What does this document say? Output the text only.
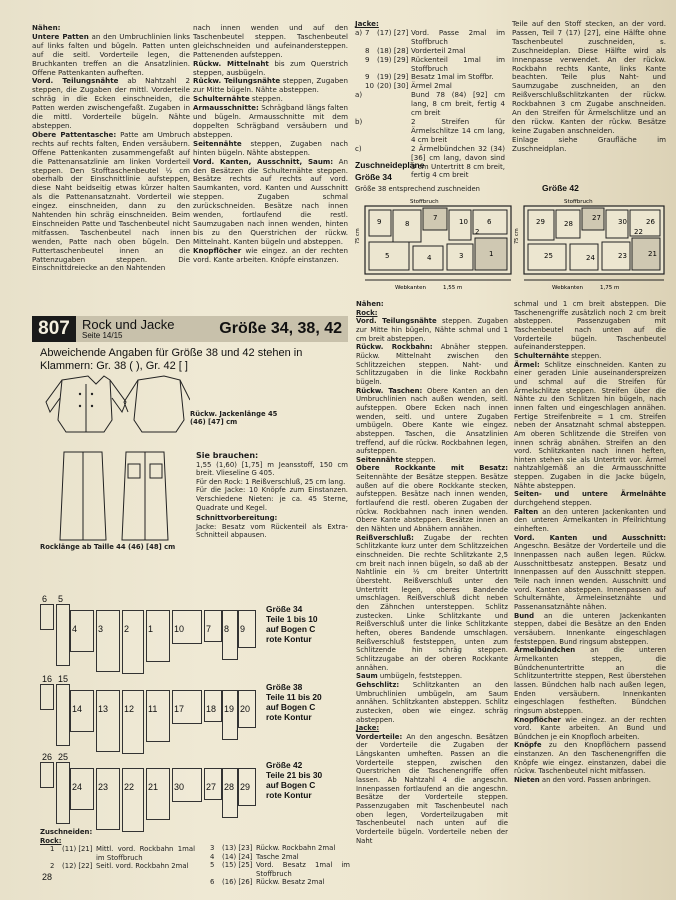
Nähen:

Untere Patten an den Umbruchlinien links auf links falten und bügeln. Patten unten auf die seitl. Vorderteile legen, die Bruchkanten treffen an die Ansatzlinien. Offene Pattenkanten aufheften.

Vord. Teilungsnähte ab Nahtzahl 2 steppen, die Zugaben der mittl. Vorderteile schräg in die Ecken einschneiden, die Patten werden zwischengefaßt. Zugaben in die mittl. Vorderteile bügeln. Nähte absteppen.

Obere Pattentasche: Patte am Umbruch rechts auf rechts falten, Enden versäubern. Offene Pattenkanten zusammengefaßt auf die Pattenansatzlinie am linken Vorderteil steppen. Den Stofftaschenbeutel ½ cm oberhalb der Einschnittlinie aufsteppen, diese Naht beidseitig etwas kürzer halten als die Pattenansatznaht. Vorderteil wie eingez. einschneiden, dann zu den Nahtenden hin schräg einschneiden. Beim Einschneiden Patte und Taschenbeutel nicht mitfassen. Taschenbeutel nach innen wenden, Patte nach oben bügeln. Den Futtertaschenbeutel innen an die Pattenzugaben steppen. Die Einschnittdreiecke an den Nahtenden

nach innen wenden und auf den Taschenbeutel steppen. Taschenbeutel gleichschneiden und aufeinandersteppen. Pattenenden aufsteppen.

Rückw. Mittelnaht bis zum Querstrich steppen, ausbügeln.

Rückw. Teilungsnähte steppen, Zugaben zur Mitte bügeln. Nähte absteppen.

Schulternähte steppen.

Armausschnitte: Schrägband längs falten und bügeln. Armausschnitte mit dem doppelten Schrägband versäubern und absteppen.

Seitennähte steppen, Zugaben nach hinten bügeln. Nähte absteppen.

Vord. Kanten, Ausschnitt, Saum: An den Besätzen die Schulternähte steppen. Besätze rechts auf rechts auf vord. Saumkanten, vord. Kanten und Ausschnitt steppen. Zugaben schmal zurückschneiden. Besätze nach innen wenden, fortlaufend die restl. Saumzugaben nach innen wenden, hinten bis zu den Querstrichen der rückw. Mittelnaht. Kanten bügeln und absteppen.

Knopflöcher wie eingez. an der rechten vord. Kante arbeiten. Knöpfe einstanzen.

Jacke:

a) 7	(17) [27] Vord. Passe 2mal im Stoffbruch
8	(18) [28] Vorderteil 2mal
9	(19) [29] Rückenteil 1mal im Stoffbruch
9	(19) [29] Besatz 1mal im Stoffbr.
10 (20) [30] Ärmel 2mal
a)	Bund 78 (84) [92] cm lang, 8 cm breit, fertig 4 cm breit
b)	2 Streifen für Ärmelschlitze 14 cm lang, 4 cm breit
c)	2 Ärmelbündchen 32 (34) [36] cm lang, davon sind 3 cm Untertritt 8 cm breit, fertig 4 cm breit

Teile auf den Stoff stecken, an der vord. Passen, Teil 7 (17) [27], eine Hälfte ohne Taschenbeutel zuschneiden, s. Zuschneideplan. Diese Hälfte wird als Innenpasse verwendet. An der rückw. Rockbahn rechts Kante, links Kante beachten. Teile plus Naht- und Saumzugabe zuschneiden, an den Reißverschlußschlitzkanten der rückw. Rockbahnen 3 cm Zugabe anschneiden. An den Streifen für Ärmelschlitze und an den rückw. Kanten der rückw. Besätze keine Zugaben anschneiden.

Einlage siehe Graufläche im Zuschneidplan.

Zuschneidepläne
Größe 34
Größe 38 entsprechend zuschneiden	Größe 42
75 cm
Stoffbruch
Webkanten	1,55 m
9	8
7	10	6
5	4	3	1
2	75 cm
Stoffbruch
Webkanten	1,75 m
29	28
27 30	26
25	24	23	21
22
807 Rock und Jacke
Seite 14/15	Größe 34, 38, 42
Abweichende Angaben für Größe 38 und 42 stehen in Klammern: Gr. 38 ( ), Gr. 42 [ ]
Rückw. Jackenlänge 45 (46) [47] cm
Rocklänge ab Taille 44 (46) [48] cm

Sie brauchen:

1,55 (1,60) [1,75] m Jeansstoff, 150 cm breit. Vlieseline G 405.

Für den Rock: 1 Reißverschluß, 25 cm lang.

Für die Jacke: 10 Knöpfe zum Einstanzen. Verschiedene Nieten: je ca. 45 Sterne, Quadrate und Kegel.

Schnittvorbereitung:

Jacke: Besatz vom Rückenteil als Extra-Schnitteil abpausen.

6 5
4 3 2 1 10 7 8 9
16 15
14 13 12 11 17 18 19 20
26 25
24 23 22 21 30 27 28 29
Größe 34
Teile 1 bis 10
auf Bogen C
rote Kontur
Größe 38
Teile 11 bis 20
auf Bogen C
rote Kontur
Größe 42
Teile 21 bis 30
auf Bogen C
rote Kontur

Zuschneiden:

Rock:

1	(11) [21] Mittl. vord. Rockbahn 1mal im Stoffbruch
2	(12) [22] Seitl. vord. Rockbahn 2mal
3	(13) [23] Rückw. Rockbahn 2mal
4	(14) [24] Tasche 2mal
5	(15) [25] Vord. Besatz 1mal im Stoffbruch
6	(16) [26] Rückw. Besatz 2mal

Nähen:

Rock:

Vord. Teilungsnähte steppen. Zugaben zur Mitte hin bügeln, Nähte schmal und 1 cm breit absteppen.

Rückw. Rockbahn: Abnäher steppen. Rückw. Mittelnaht zwischen den Schlitzzeichen steppen. Naht- und Schlitzzugaben in die linke Rockbahn bügeln.

Rückw. Taschen: Obere Kanten an den Umbruchlinien nach außen wenden, seitl. aufsteppen. Obere Ecken nach innen wenden, seitl. und untere Zugaben umbügeln. Obere Kante wie eingez. absteppen. Taschen, die Ansatzlinien treffend, auf die rückw. Rockbahnen legen, aufsteppen.

Seitennähte steppen.

Obere Rockkante mit Besatz: Seitennähte der Besätze steppen. Besätze außen auf die obere Rockkante stecken, aufsteppen. Besätze nach innen wenden, fortlaufend die restl. oberen Zugaben der rückw. Rockbahnen nach innen wenden. Obere Kante absteppen. Besätze innen an den Nähten und Abnähern annähen.

Reißverschluß: Zugabe der rechten Schlitzkante kurz unter dem Schlitzzeichen einschneiden. Die rechte Schlitzkante 2,5 cm breit nach innen bügeln, so daß ab der Nahtlinie ein ½ cm breiter Untertritt übersteht. Reißverschluß unter den Untertritt legen, oberes Bandende umschlagen. Reißverschluß dicht neben den Zähnchen untersteppen. Schlitz zustecken. Linke Schlitzkante und Reißverschluß unter die linke Schlitzkante heften, oberes Bandende umschlagen. Reißverschluß feststeppen, unten zum Schlitzende hin schräg steppen. Schlitzzugabe an der oberen Rockkante annähen.

Saum umbügeln, feststeppen.

Gehschlitz: Schlitzkanten an den Umbruchlinien umbügeln, am Saum annähen. Schlitzkanten absteppen. Schlitz zustecken, oben wie eingez. schräg absteppen.

Jacke:

Vorderteile: An den angeschn. Besätzen der Vorderteile die Zugaben der Längskanten umheften. Passen an die Vorderteile steppen, zwischen den Querstrichen die Taschenengriffe offen lassen. Ab Nahtzahl 4 die angeschn. Innenpassen fortlaufend an die angeschn. Besätze der Vorderteile steppen. Passenzugaben mit Taschenbeutel nach oben legen, Vorderteilzugaben mit Taschenbeutel nach unten auf die Vorderteile bügeln. Vorderteile neben der Naht

schmal und 1 cm breit absteppen. Die Taschenengriffe zusätzlich noch 2 cm breit absteppen. Passenzugaben mit Taschenbeutel nach unten auf die Vorderteile bügeln. Taschenbeutel aufeinandersteppen.

Schulternähte steppen.

Ärmel: Schlitze einschneiden. Kanten zu einer geraden Linie auseinanderspreizen und schmal auf die Streifen für Ärmelschlitze steppen. Streifen über die Nähte zu den Schlitzen hin bügeln, nach innen falten und eingeschlagen annähen. Fertige Streifenbreite = 1 cm. Streifen neben der Ansatznaht schmal absteppen. Am oberen Schlitzende die Streifen von innen schräg abnähen. Streifen an den vord. Schlitzkanten nach innen heften, hinten stehen sie als Untertritt vor. Ärmel nahtzahlgemäß an die Armausschnitte steppen. Zugaben in die Jacke bügeln, Nähte absteppen.

Seiten- und untere Ärmelnähte durchgehend steppen.

Falten an den unteren Jackenkanten und den unteren Ärmelkanten in Pfeilrichtung einheften.

Vord. Kanten und Ausschnitt: Angeschn. Besätze der Vorderteile und die Innenpassen nach außen legen. Rückw. Ausschnittbesatz ansteppen. Besatz und Innenpassen auf den Ausschnitt steppen. Teile nach innen wenden. Ausschnitt und vord. Kanten absteppen. Innenpassen auf Schulternähte, Ärmeleinsetznähte und Passenansatznähte nähen.

Bund an die unteren Jackenkanten steppen, dabei die Besätze an den Enden versäubern. Innenkante eingeschlagen feststeppen. Bund ringsum absteppen.

Ärmelbündchen an die unteren Ärmelkanten steppen, die Bündchenuntertritte an die Schlitzuntertritte steppen, Rest überstehen lassen. Bündchen halb nach außen legen, Enden versäubern. Innenkanten eingeschlagen festheften. Bündchen ringsum absteppen.

Knopflöcher wie eingez. an der rechten vord. Kante arbeiten. An Bund und Bündchen je ein Knopfloch arbeiten.

Knöpfe zu den Knopflöchern passend einstanzen. An den Taschenengriffen die Knöpfe wie eingez. einstanzen, dabei die rückw. Taschenbeutel nicht mitfassen.

Nieten an den vord. Passen anbringen.

28
